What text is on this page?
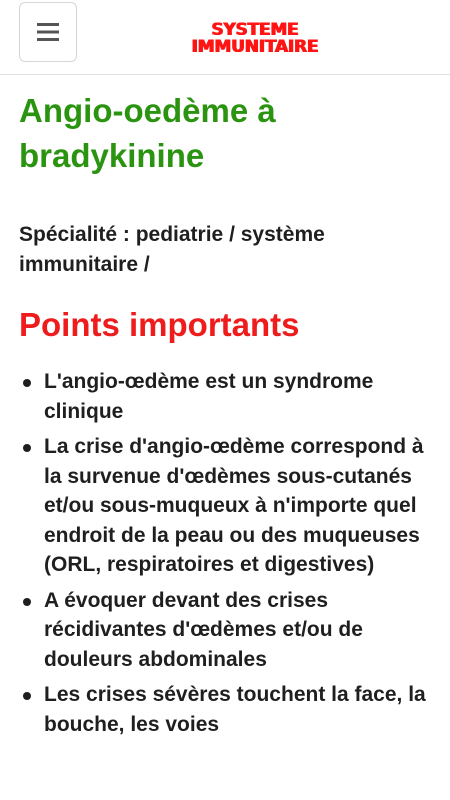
SYSTEME
IMMUNITAIRE
Angio-oedème à bradykinine

Spécialité : pediatrie / système immunitaire /

Points importants
L'angio-œdème est un syndrome clinique
La crise d'angio-œdème correspond à la survenue d'œdèmes sous-cutanés et/ou sous-muqueux à n'importe quel endroit de la peau ou des muqueuses (ORL, respiratoires et digestives)
A évoquer devant des crises récidivantes d'œdèmes et/ou de douleurs abdominales
Les crises sévères touchent la face, la bouche, les voies
